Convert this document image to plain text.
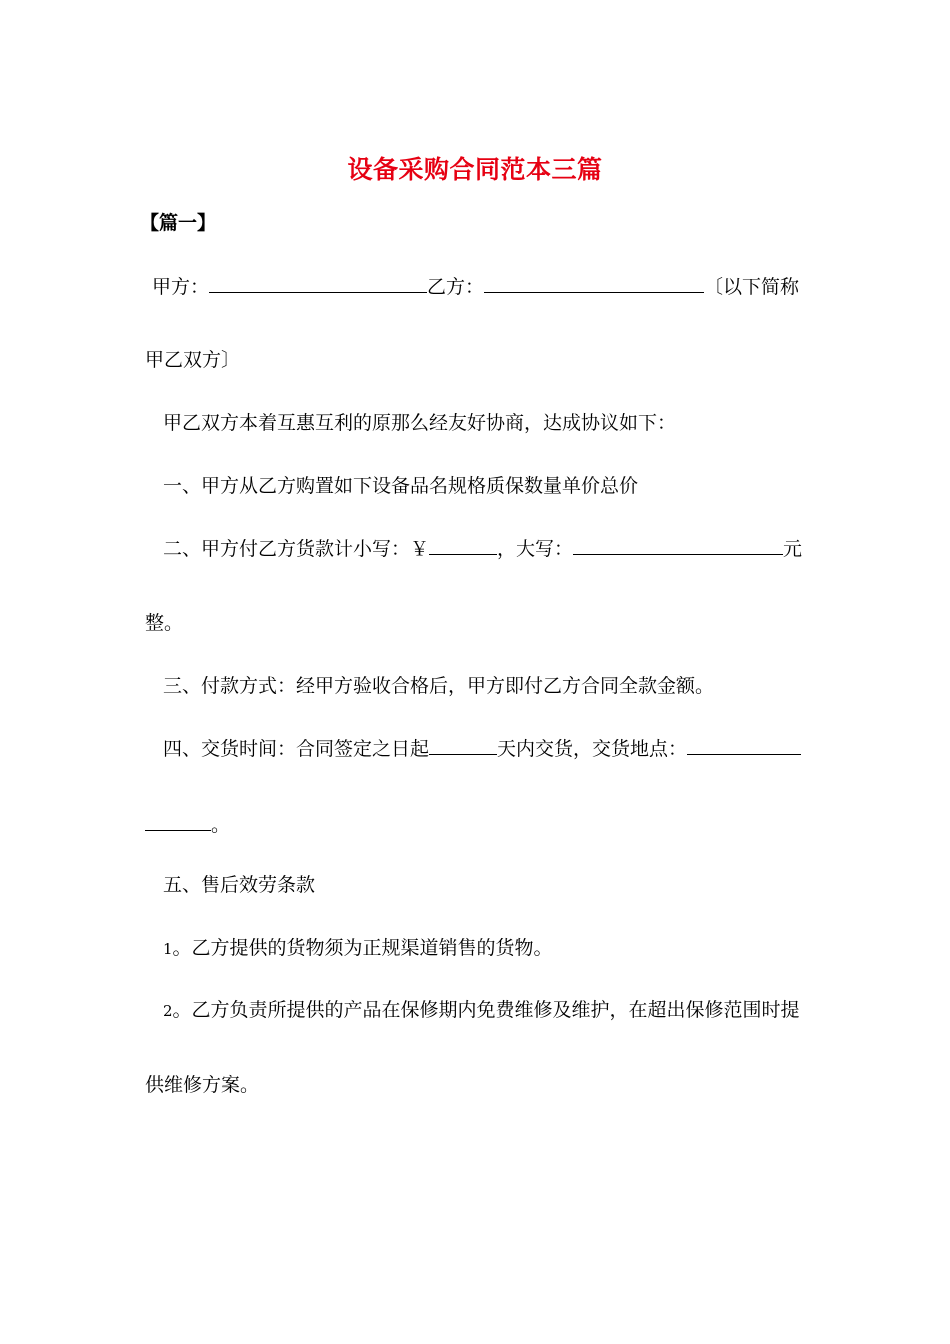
设备采购合同范本三篇
【篇一】
甲方：	乙方：	〔以下简称
甲乙双方〕
甲乙双方本着互惠互利的原那么经友好协商，达成协议如下：
一、甲方从乙方购置如下设备品名规格质保数量单价总价
二、甲方付乙方货款计小写：￥	，大写：	元
整。
三、付款方式：经甲方验收合格后，甲方即付乙方合同全款金额。
四、交货时间：合同签定之日起	天内交货，交货地点：
。
五、售后效劳条款
1。乙方提供的货物须为正规渠道销售的货物。
2。乙方负责所提供的产品在保修期内免费维修及维护，在超出保修范围时提
供维修方案。
